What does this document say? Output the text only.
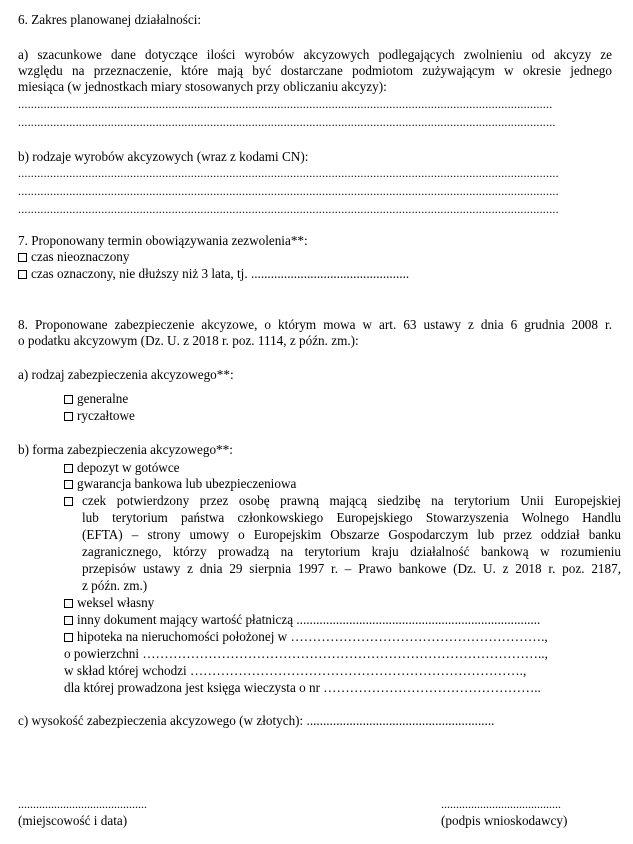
6. Zakres planowanej działalności:
a) szacunkowe dane dotyczące ilości wyrobów akcyzowych podlegających zwolnieniu od akcyzy ze
względu na przeznaczenie, które mają być dostarczane podmiotom zużywającym w okresie jednego
miesiąca (w jednostkach miary stosowanych przy obliczaniu akcyzy):
.......................................................................................................................................................................
........................................................................................................................................................................
b) rodzaje wyrobów akcyzowych (wraz z kodami CN):
.........................................................................................................................................................................
.........................................................................................................................................................................
.........................................................................................................................................................................
7. Proponowany termin obowiązywania zezwolenia**:
czas nieoznaczony
czas oznaczony, nie dłuższy niż 3 lata, tj. ................................................
8. Proponowane zabezpieczenie akcyzowe, o którym mowa w art. 63 ustawy z dnia 6 grudnia 2008 r.
o podatku akcyzowym (Dz. U. z 2018 r. poz. 1114, z późn. zm.):
a) rodzaj zabezpieczenia akcyzowego**:
generalne
ryczałtowe
b) forma zabezpieczenia akcyzowego**:
depozyt w gotówce
gwarancja bankowa lub ubezpieczeniowa
czek potwierdzony przez osobę prawną mającą siedzibę na terytorium Unii Europejskiej
lub terytorium państwa członkowskiego Europejskiego Stowarzyszenia Wolnego Handlu
(EFTA) – strony umowy o Europejskim Obszarze Gospodarczym lub przez oddział banku
zagranicznego, którzy prowadzą na terytorium kraju działalność bankową w rozumieniu
przepisów ustawy z dnia 29 sierpnia 1997 r. – Prawo bankowe (Dz. U. z 2018 r. poz. 2187,
z późn. zm.)
weksel własny
inny dokument mający wartość płatniczą ..........................................................................
hipoteka na nieruchomości położonej w ………………………………………………….,
o powierzchni ………………………………………………………………………………..,
w skład której wchodzi ………………………………………………………………….,
dla której prowadzona jest księga wieczysta o nr …………………………………………..
c) wysokość zabezpieczenia akcyzowego (w złotych): .........................................................
...........................................
(miejscowość i data)
........................................
(podpis wnioskodawcy)
